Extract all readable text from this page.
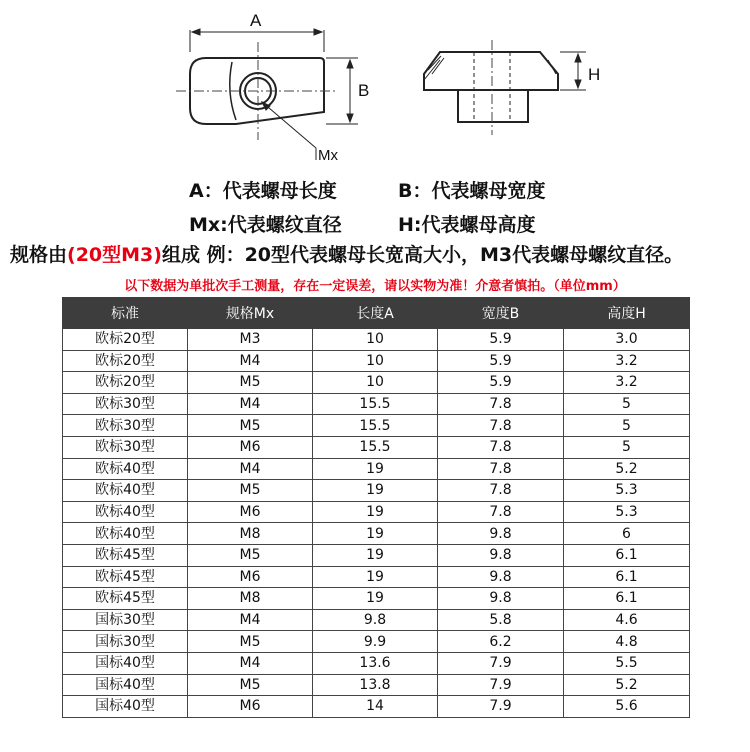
A
B
Mx
H
A：代表螺母长度	B：代表螺母宽度
Mx:代表螺纹直径	H:代表螺母高度
规格由(20型M3)组成 例：20型代表螺母长宽高大小，M3代表螺母螺纹直径。
以下数据为单批次手工测量，存在一定误差，请以实物为准！介意者慎拍。（单位mm）
标准	规格Mx	长度A	宽度B	高度H
欧标20型	M3	10	5.9	3.0
欧标20型	M4	10	5.9	3.2
欧标20型	M5	10	5.9	3.2
欧标30型	M4	15.5	7.8	5
欧标30型	M5	15.5	7.8	5
欧标30型	M6	15.5	7.8	5
欧标40型	M4	19	7.8	5.2
欧标40型	M5	19	7.8	5.3
欧标40型	M6	19	7.8	5.3
欧标40型	M8	19	9.8	6
欧标45型	M5	19	9.8	6.1
欧标45型	M6	19	9.8	6.1
欧标45型	M8	19	9.8	6.1
国标30型	M4	9.8	5.8	4.6
国标30型	M5	9.9	6.2	4.8
国标40型	M4	13.6	7.9	5.5
国标40型	M5	13.8	7.9	5.2
国标40型	M6	14	7.9	5.6
